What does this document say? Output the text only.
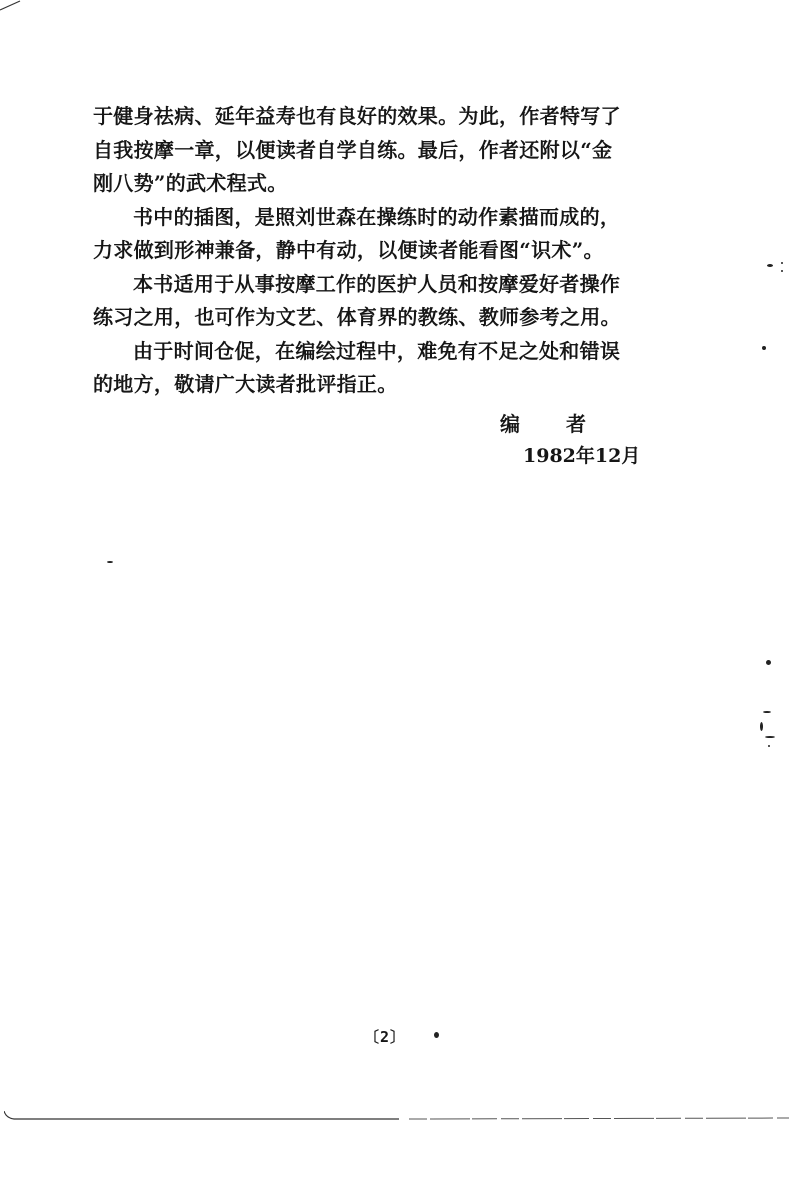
于健身祛病、延年益寿也有良好的效果。为此，作者特写了
自我按摩一章，以便读者自学自练。最后，作者还附以“金
刚八势”的武术程式。
书中的插图，是照刘世森在操练时的动作素描而成的，
力求做到形神兼备，静中有动，以便读者能看图“识术”。
本书适用于从事按摩工作的医护人员和按摩爱好者操作
练习之用，也可作为文艺、体育界的教练、教师参考之用。
由于时间仓促，在编绘过程中，难免有不足之处和错误
的地方，敬请广大读者批评指正。
编者
1982年12月
〔2〕
